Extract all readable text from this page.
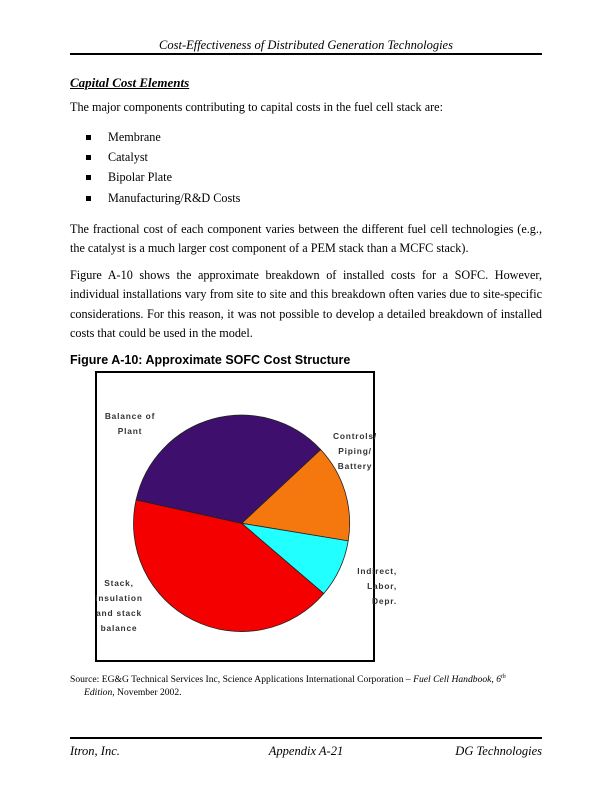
Cost-Effectiveness of Distributed Generation Technologies
Capital Cost Elements
The major components contributing to capital costs in the fuel cell stack are:
Membrane
Catalyst
Bipolar Plate
Manufacturing/R&D Costs
The fractional cost of each component varies between the different fuel cell technologies (e.g., the catalyst is a much larger cost component of a PEM stack than a MCFC stack).
Figure A-10 shows the approximate breakdown of installed costs for a SOFC. However, individual installations vary from site to site and this breakdown often varies due to site-specific considerations. For this reason, it was not possible to develop a detailed breakdown of installed costs that could be used in the model.
Figure A-10: Approximate SOFC Cost Structure
Balance of
Plant	Controls/
Piping/
Battery
Indirect,
Labor,
Depr.
Stack,
insulation
and stack
balance
Source: EG&G Technical Services Inc, Science Applications International Corporation – Fuel Cell Handbook, 6th
Edition, November 2002.
Itron, Inc.	Appendix A-21	DG Technologies
